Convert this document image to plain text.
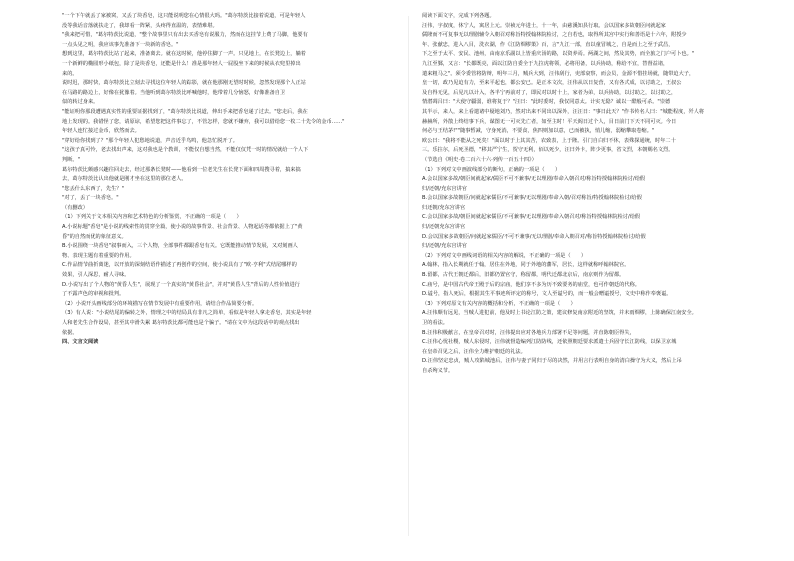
"一个下午就丢了家被窝，又丢了块香皂，这只能说明您在心情很大吗。"葛尔特茨比接着说道，可是年轻人

没等我话音落就扶走了，我却看一阵紧，头疼得直温的，表情难堪。

"我来把可惜，"葛尔特茨比说道，"整个故事里只有出去买香皂有说服力，然而在这挂节上费了马脚，他要有

一点头见之明，我应该事先准备下一块新的香皂。"

想到这里，葛尔特茨比站了起来，准备离去。就在这时候，他停住脚了一声。只见地上，在长凳边上，躺着

一个新鲜的椭圆形小纸包，除了是块香皂，还能是什么！准是那年轻人一屁股坐下来的时候从衣兜里掉出

来的。

说时迟，那时快，葛尔特茨比立刻去寻找这位年轻人的踪影，就在他那刚无望时时候，忽然发现那个人正站

在马路的路边上，好像在犹豫着。当他听到葛尔特茨比呼喊他时，他带着几分恼怒，好像准备自卫

似的转过身来。

"能证明你那段遭遇真实性的重要证据找到了，"葛尔特茨比说道，伸出手来把香皂递了过去。"您走后，我在

地上发现的。我错怪了您，请原谅，希望您把这件事忘了，不管怎样，您就不嫌弃，我可以借给您一枚二十先令的金币……"

年轻人连忙接过金币，欣然而去。

"穿好给你找到了？"那个年轻人犯愁地说道，声音近乎鸟鸣，他急忙脱开了。

"这孩子真可怜，老去找出声来，这对我也是个教训，不能仅自想当然，不能仅仅凭一时的情况就给一个人下

判断。"

葛尔特茨比颇感兴趣往回走去，经过那条长凳时——他看到一位老先生在长凳下面和四周搜寻着，搞来搞

去，葛尔特茨比认出他就是刚才坐在这里的那位老人。

"您丢什么东西了，先生？"

"对了，丢了一块香皂。"

（有删改）

（1）下列关于文本相关内容和艺术特色的分析鉴赏，不正确的一项是（　　）

A.小说标题"香皂"是小说的线索性的贯穿全篇，使小说的故事背景、社会背景、人物起话等都依据上了"黄

昏"的自然而优的象征意义。

B.小说围绕一块香皂"叙事而入，三个人物，全部事件都跟香皂有关。它既能推动情节发展，又对刻画人

物、表现主题有着重要的作用。

C.作品情节曲折离迷，以开放的深刻结语作描述了再创作的空间，使小说具有了"欧·亨利"式结尾哪样的

效果，引人深思，耐人寻味。

D.小说写出了个人物的"黄昏人生"，展现了一个真实的"黄昏社会"，并对"黄昏人生"背后的人性价值进行

了不露声色的审视和批判。

（2）小说开头画线部分的环境描写在情节发展中有重要作用，请结合作品简要分析。

（3）有人说："小说结尾的偏转之外，情理之中的结局具有非凡之简单，看似是年轻人拿走香皂，其实是年轻

人和老先生合作设局，甚至其中滑失累 葛尔特茨比都可能也是个骗子。"请在文中为这段话中的观点找出

依据。

四、文言文阅读

阅读下面文字，完成下列各题。

汪伟，字叔度，休宁人，寓居上元。崇祯元年进士，十一年，由慈溪知县行取。会以国家多故朝臣问就起家

儒隆而不可复事无以理剧辅令入朝召对称旨特授翰林院检讨，之自若也，取得所其宫中实行和善语是十六年，附授少

年、张献忠，进入八目，洗衣湖，作《江防绸缪策》百，言"九江一部，直以童冒城之，自是而上之至于武昌，

下之至于太平、安民、池州，由南京乐副以上皆重庆汤的路，以资养焉。两湖之间，然及其势，而全旅之门户可卜也。"

九江至鄞，又言："长都既亮，面以江防自委全于九拉虎将领，必将用备，以兵协助，称给不宜，替督益诸，

遣来粗马之"。须令委管将防辩，明年三月，贼兵大到，汪伟刮行，吏部衰察，而会员，金源不惜挂场就，随带迫大子，

皇一切，政乃见迫有力，至来平起也，都公安已。是正本文次，汪伟从以日复营，又有各式成，以讨助之，王叔公

及自得无见，后见凡以计入，各半宁再前对了，即民对以时十上，家者为弟，以兵协助，以讨助之，以讨助之，

情潜凋吕曰："大使守疆弱，谁将复于？"汪曰："此时委时，我仅同意太。计实无隐？诚以一酷般可杀。"崇德

其半示，来人，来上看遣诸中疑地刘乃，然对出来不同出以深外，汪汪日："事日此天？"作书传名人曰："城能程度，歼人将

赫赫所，外散上终结事下兵，谋图无一可灭先亡者，如至主时！平天阁日过个人，目日前门下天不同可灭。今日

何必与王结茅!""随事暂减，守身死消，不要食，焦四则加以意，已而被执，悄儿缩，弱缩攀取卷缩。"

欧公曰："我将不能从之死矣！"面以时于上其其苦，农致表，上于隆。引门自白归不休，表殊探通统，时年二十

三。乐拄尔，后死圣德，"移其严宁生，贺守无利，佰以死少，汪曰外卡，阵少更事，省文烈，本朝赐名文烈。

（节选自《明史·卷二百六十六·列传一百五十四》）

（1）下列对文中画波线部分的断句，正确的一项是（　　）

A.会以国家多故/朝臣间就起家/儒臣不可不兼事/无以理剧/奉命入朝召对/称旨特授翰林院检讨/给假

归/还朝/充东宫讲官

B.会以国家多故朝臣/问就起家儒臣/不可兼事/无以理剧/奉命入朝/召对称旨/特授翰林院检讨/给假

归还朝/充东宫讲官

C.会以国家多故/朝臣间就起家儒臣/不可兼事/无以理剧/奉命入朝召对/称旨特授翰林院检讨/给假

归/还朝充东宫讲官

D.会以国家多故朝臣/问就起家儒臣/不可不兼事/无以理剧/奉命入朝召对/称旨特授翰林院检讨/给假

归/还朝/充东宫讲官

（2）下列对文中画线词语的相关内容的解说，不正确的一项是（　　）

A.翰林，指入长期就任于翰，居住在外地，同于外地的藩军，居长，这样就称呼翰林院官。

B.留都，古代王朝迁都后，旧都仍置官守，称留都，明代迁都北京后，南京则作为留都。

C.庙号，是中国古代帝王殿于后的宗庙，他们享不多为历不致要务的庙堂，也可作朝廷的代称。

D.谥号，指人死后，根据其生平事迹所评定的称号，文人至谥号的，而一般会赠谥授号，文史中称作奉褒谥。

（3）下列对原文有关内容的概括和分析，不正确的一项是（　　）

A.汪伟颇有远见，当贼人进犯前，他及时上书论江防之策，建议修复南京附近的坚筑，并未雨绸缪，上陈确保江南安全。

卫的看法。

B.汪伟积极献言，在皇帝召对时，汪伟提出应对各地兵力部署不足等问题，并直陈朝臣得失，

C.汪伟心忧社稷，贼人东侵时，汪伟就督造编列江防防线，还依照朝廷要求派遣士兵固守长江防线，以保卫京城

在皇帝召见之后，汪伟全力维护朝廷的礼法。

D.汪伟坚定忠贞，贼人攻陷城池后，汪伟与妻子同归于尽的决然，并用言行表明自身的清白操守为大义，然后上吊

自杀殉义节。
